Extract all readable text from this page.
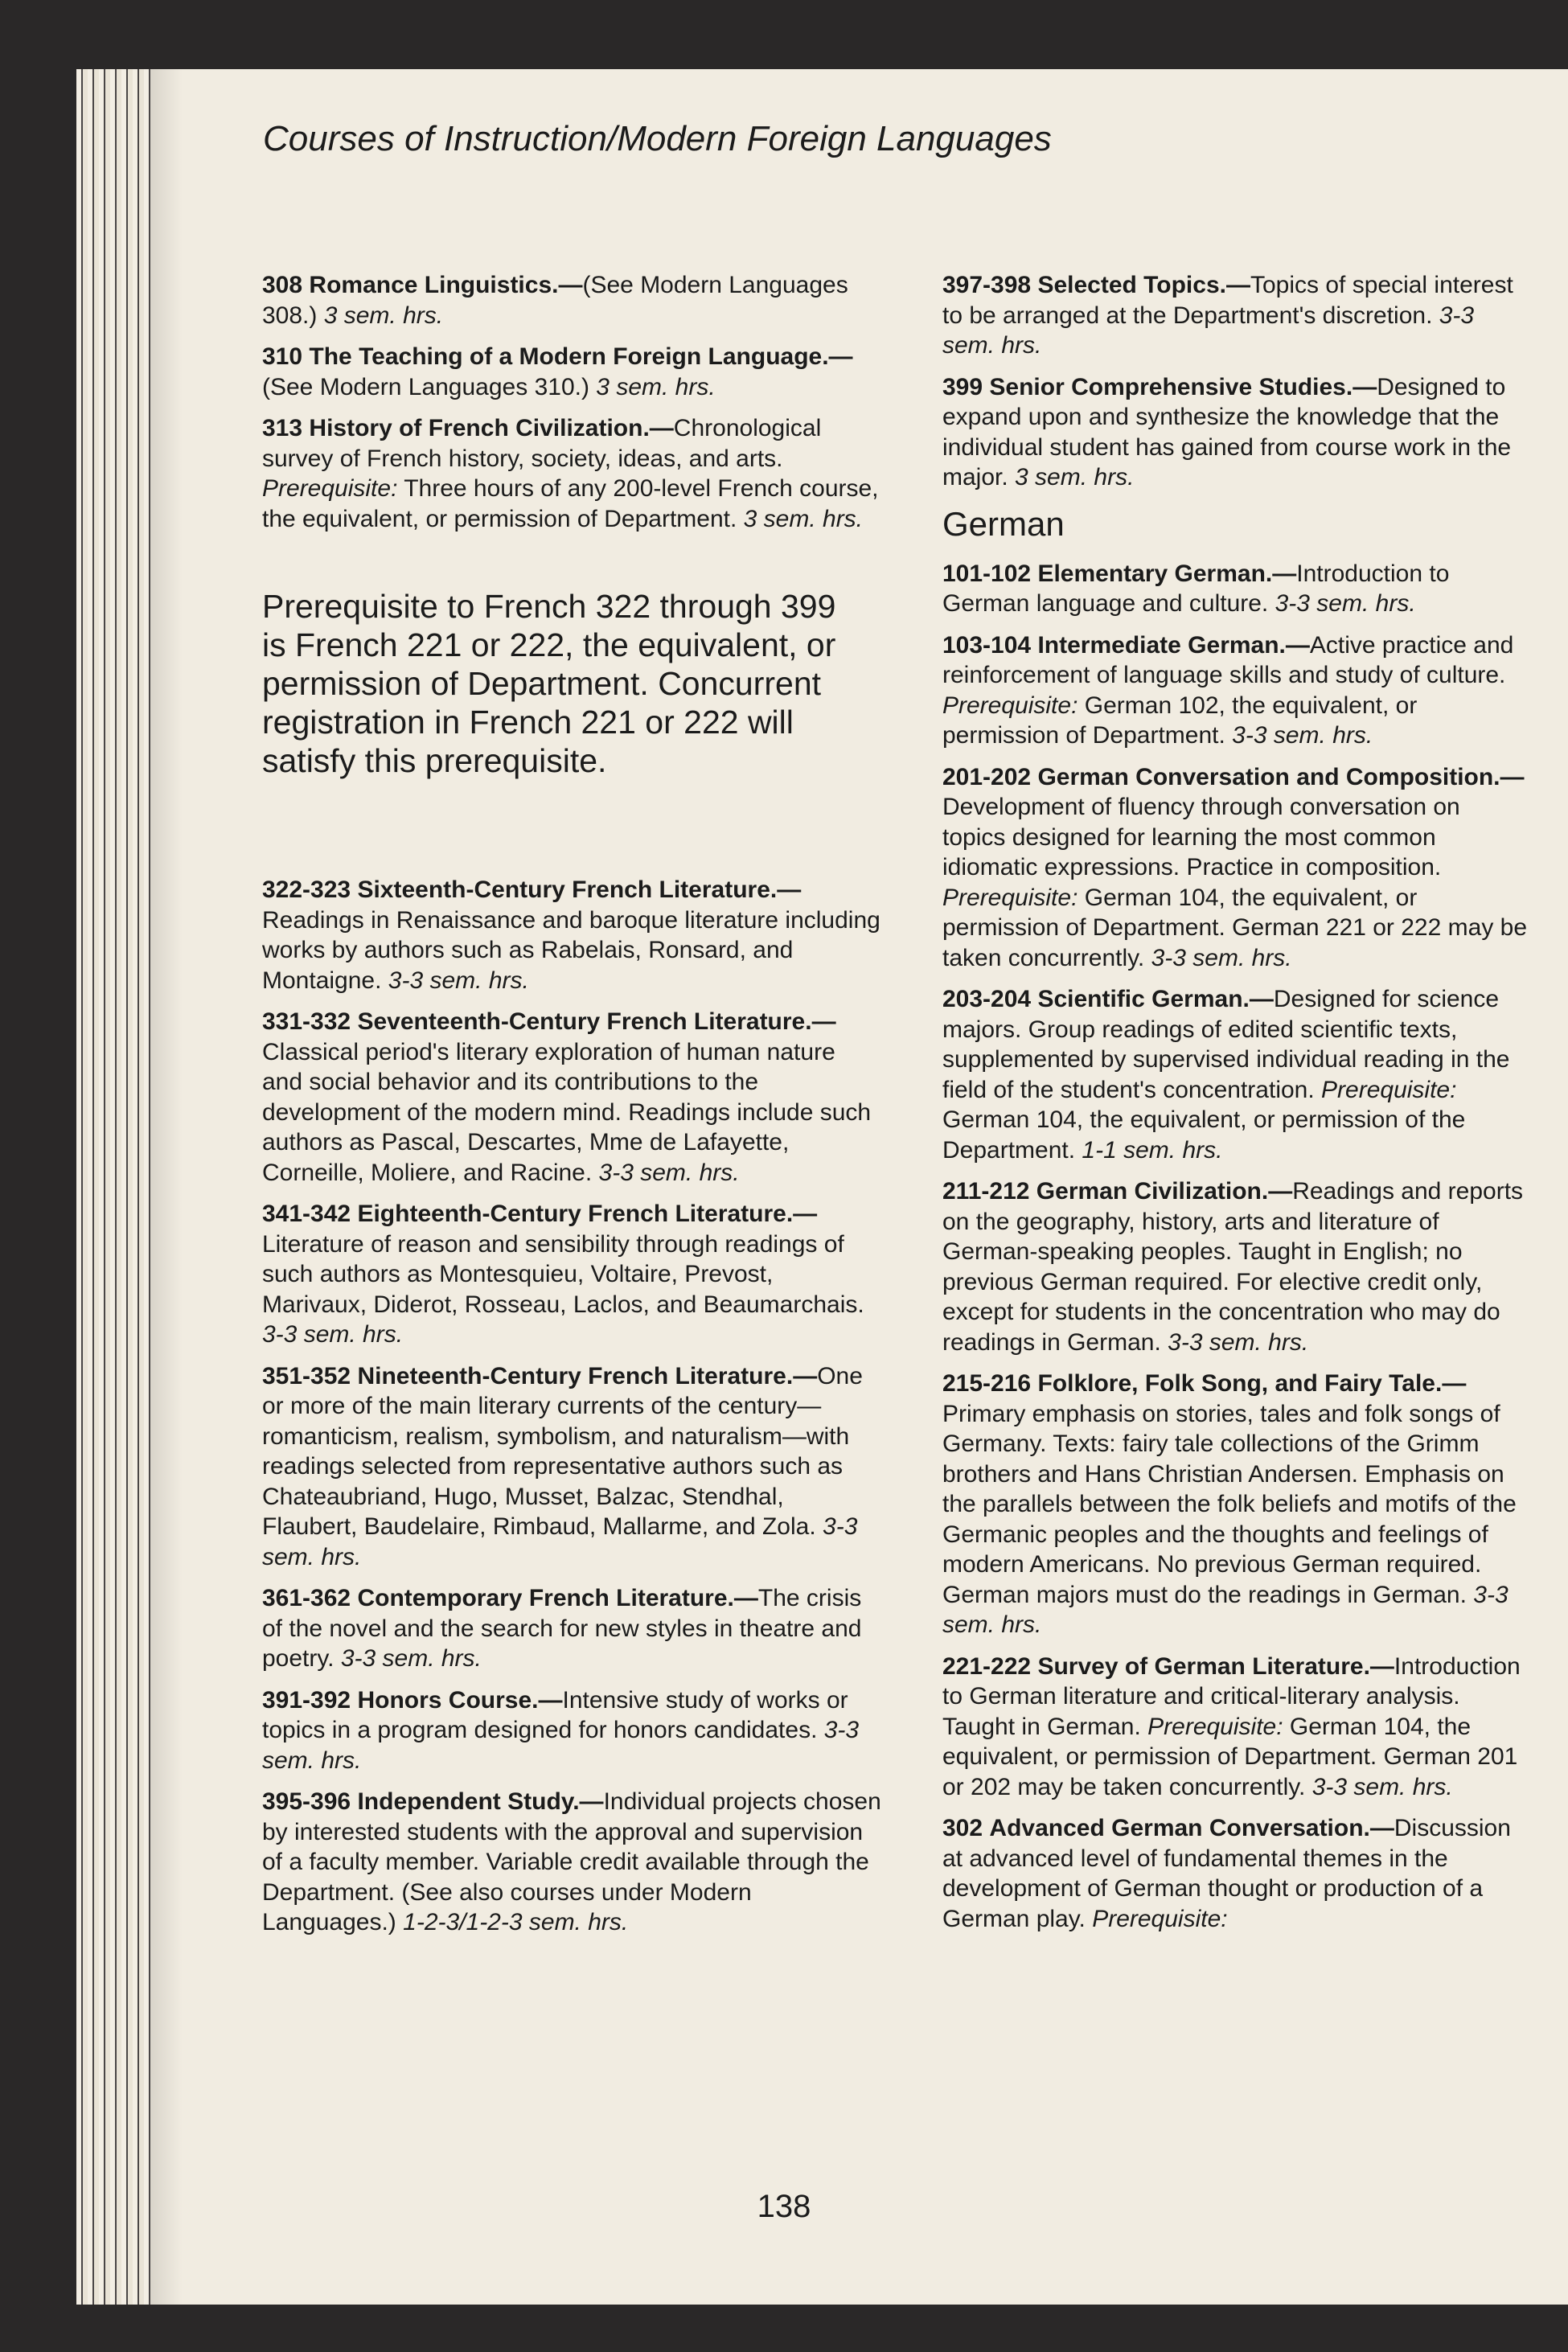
Courses of Instruction/Modern Foreign Languages

308 Romance Linguistics.—(See Modern Languages 308.) 3 sem. hrs.

310 The Teaching of a Modern Foreign Language.—(See Modern Languages 310.) 3 sem. hrs.

313 History of French Civilization.—Chronological survey of French history, society, ideas, and arts. Prerequisite: Three hours of any 200-level French course, the equivalent, or permission of Department. 3 sem. hrs.

Prerequisite to French 322 through 399 is French 221 or 222, the equivalent, or permission of Department. Concurrent registration in French 221 or 222 will satisfy this prerequisite.

322-323 Sixteenth-Century French Literature.—Readings in Renaissance and baroque literature including works by authors such as Rabelais, Ronsard, and Montaigne. 3-3 sem. hrs.

331-332 Seventeenth-Century French Literature.—Classical period's literary exploration of human nature and social behavior and its contributions to the development of the modern mind. Readings include such authors as Pascal, Descartes, Mme de Lafayette, Corneille, Moliere, and Racine. 3-3 sem. hrs.

341-342 Eighteenth-Century French Literature.—Literature of reason and sensibility through readings of such authors as Montesquieu, Voltaire, Prevost, Marivaux, Diderot, Rosseau, Laclos, and Beaumarchais. 3-3 sem. hrs.

351-352 Nineteenth-Century French Literature.—One or more of the main literary currents of the century—romanticism, realism, symbolism, and naturalism—with readings selected from representative authors such as Chateaubriand, Hugo, Musset, Balzac, Stendhal, Flaubert, Baudelaire, Rimbaud, Mallarme, and Zola. 3-3 sem. hrs.

361-362 Contemporary French Literature.—The crisis of the novel and the search for new styles in theatre and poetry. 3-3 sem. hrs.

391-392 Honors Course.—Intensive study of works or topics in a program designed for honors candidates. 3-3 sem. hrs.

395-396 Independent Study.—Individual projects chosen by interested students with the approval and supervision of a faculty member. Variable credit available through the Department. (See also courses under Modern Languages.) 1-2-3/1-2-3 sem. hrs.

397-398 Selected Topics.—Topics of special interest to be arranged at the Department's discretion. 3-3 sem. hrs.

399 Senior Comprehensive Studies.—Designed to expand upon and synthesize the knowledge that the individual student has gained from course work in the major. 3 sem. hrs.

German

101-102 Elementary German.—Introduction to German language and culture. 3-3 sem. hrs.

103-104 Intermediate German.—Active practice and reinforcement of language skills and study of culture. Prerequisite: German 102, the equivalent, or permission of Department. 3-3 sem. hrs.

201-202 German Conversation and Composition.—Development of fluency through conversation on topics designed for learning the most common idiomatic expressions. Practice in composition. Prerequisite: German 104, the equivalent, or permission of Department. German 221 or 222 may be taken concurrently. 3-3 sem. hrs.

203-204 Scientific German.—Designed for science majors. Group readings of edited scientific texts, supplemented by supervised individual reading in the field of the student's concentration. Prerequisite: German 104, the equivalent, or permission of the Department. 1-1 sem. hrs.

211-212 German Civilization.—Readings and reports on the geography, history, arts and literature of German-speaking peoples. Taught in English; no previous German required. For elective credit only, except for students in the concentration who may do readings in German. 3-3 sem. hrs.

215-216 Folklore, Folk Song, and Fairy Tale.—Primary emphasis on stories, tales and folk songs of Germany. Texts: fairy tale collections of the Grimm brothers and Hans Christian Andersen. Emphasis on the parallels between the folk beliefs and motifs of the Germanic peoples and the thoughts and feelings of modern Americans. No previous German required. German majors must do the readings in German. 3-3 sem. hrs.

221-222 Survey of German Literature.—Introduction to German literature and critical-literary analysis. Taught in German. Prerequisite: German 104, the equivalent, or permission of Department. German 201 or 202 may be taken concurrently. 3-3 sem. hrs.

302 Advanced German Conversation.—Discussion at advanced level of fundamental themes in the development of German thought or production of a German play. Prerequisite:

138
